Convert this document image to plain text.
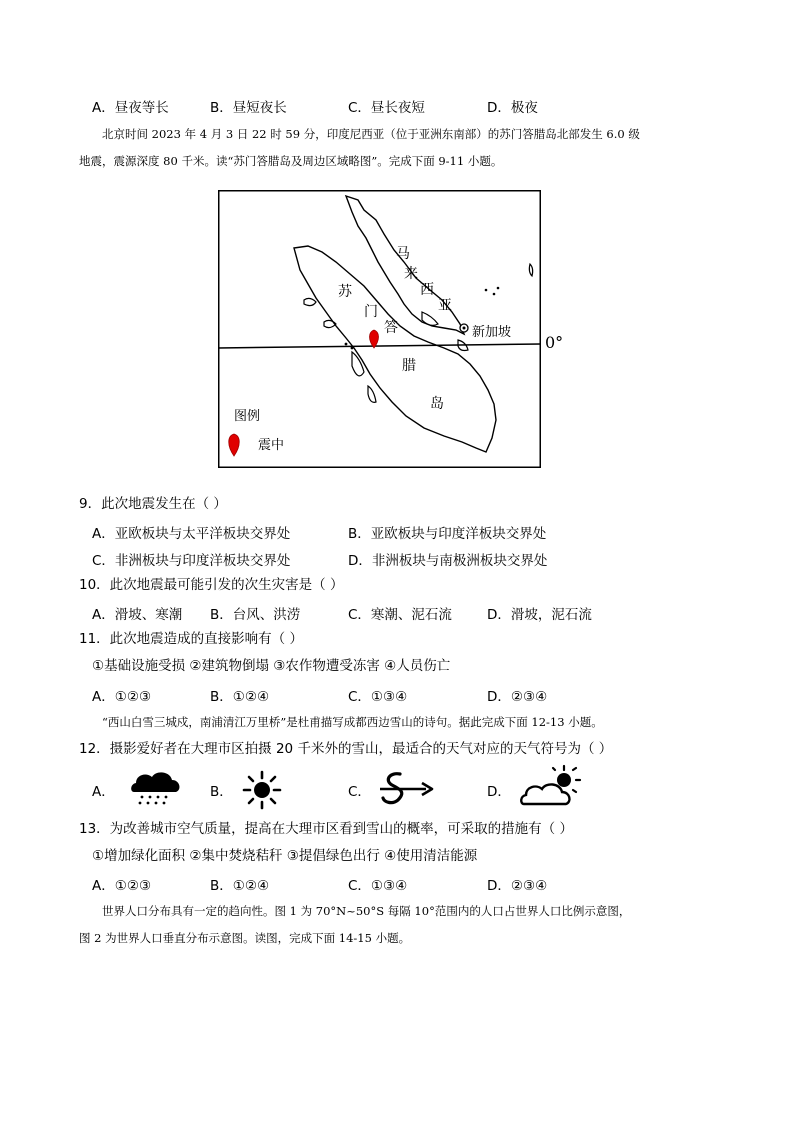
A．昼夜等长	B．昼短夜长	C．昼长夜短	D．极夜
北京时间 2023 年 4 月 3 日 22 时 59 分，印度尼西亚（位于亚洲东南部）的苏门答腊岛北部发生 6.0 级
地震，震源深度 80 千米。读“苏门答腊岛及周边区域略图”。完成下面 9-11 小题。
马
来
西
亚
苏
门
答
腊
岛
新加坡
图例
震中
0°
9．此次地震发生在（ ）
A．亚欧板块与太平洋板块交界处	B．亚欧板块与印度洋板块交界处
C．非洲板块与印度洋板块交界处	D．非洲板块与南极洲板块交界处
10．此次地震最可能引发的次生灾害是（ ）
A．滑坡、寒潮 B．台风、洪涝	C．寒潮、泥石流	D．滑坡，泥石流
11．此次地震造成的直接影响有（ ）
①基础设施受损 ②建筑物倒塌 ③农作物遭受冻害 ④人员伤亡
A．①②③	B．①②④	C．①③④	D．②③④
“西山白雪三城戍，南浦清江万里桥”是杜甫描写成都西边雪山的诗句。据此完成下面 12-13 小题。
12．摄影爱好者在大理市区拍摄 20 千米外的雪山，最适合的天气对应的天气符号为（ ）
A．	B．	C．	D．
13．为改善城市空气质量，提高在大理市区看到雪山的概率，可采取的措施有（ ）
①增加绿化面积 ②集中焚烧秸秆 ③提倡绿色出行 ④使用清洁能源
A．①②③	B．①②④	C．①③④	D．②③④
世界人口分布具有一定的趋向性。图 1 为 70°N~50°S 每隔 10°范围内的人口占世界人口比例示意图，
图 2 为世界人口垂直分布示意图。读图，完成下面 14-15 小题。
